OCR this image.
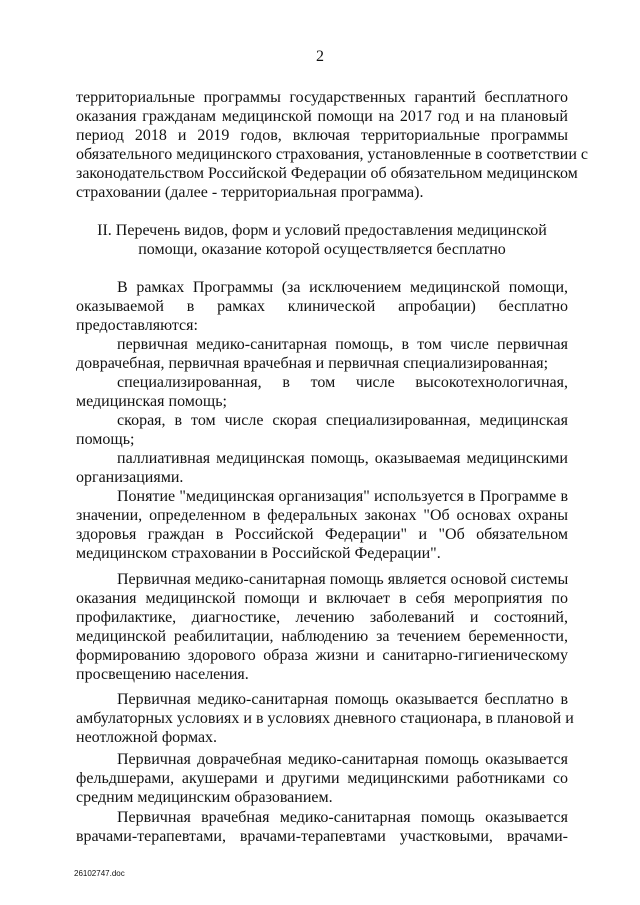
2
территориальные программы государственных гарантий бесплатного
оказания гражданам медицинской помощи на 2017 год и на плановый
период 2018 и 2019 годов, включая территориальные программы
обязательного медицинского страхования, установленные в соответствии с
законодательством Российской Федерации об обязательном медицинском
страховании (далее - территориальная программа).
II. Перечень видов, форм и условий предоставления медицинской
помощи, оказание которой осуществляется бесплатно
В рамках Программы (за исключением медицинской помощи,
оказываемой в рамках клинической апробации) бесплатно
предоставляются:
первичная медико-санитарная помощь, в том числе первичная
доврачебная, первичная врачебная и первичная специализированная;
специализированная, в том числе высокотехнологичная,
медицинская помощь;
скорая, в том числе скорая специализированная, медицинская
помощь;
паллиативная медицинская помощь, оказываемая медицинскими
организациями.
Понятие "медицинская организация" используется в Программе в
значении, определенном в федеральных законах "Об основах охраны
здоровья граждан в Российской Федерации" и "Об обязательном
медицинском страховании в Российской Федерации".
Первичная медико-санитарная помощь является основой системы
оказания медицинской помощи и включает в себя мероприятия по
профилактике, диагностике, лечению заболеваний и состояний,
медицинской реабилитации, наблюдению за течением беременности,
формированию здорового образа жизни и санитарно-гигиеническому
просвещению населения.
Первичная медико-санитарная помощь оказывается бесплатно в
амбулаторных условиях и в условиях дневного стационара, в плановой и
неотложной формах.
Первичная доврачебная медико-санитарная помощь оказывается
фельдшерами, акушерами и другими медицинскими работниками со
средним медицинским образованием.
Первичная врачебная медико-санитарная помощь оказывается
врачами-терапевтами, врачами-терапевтами участковыми, врачами-
26102747.doc
